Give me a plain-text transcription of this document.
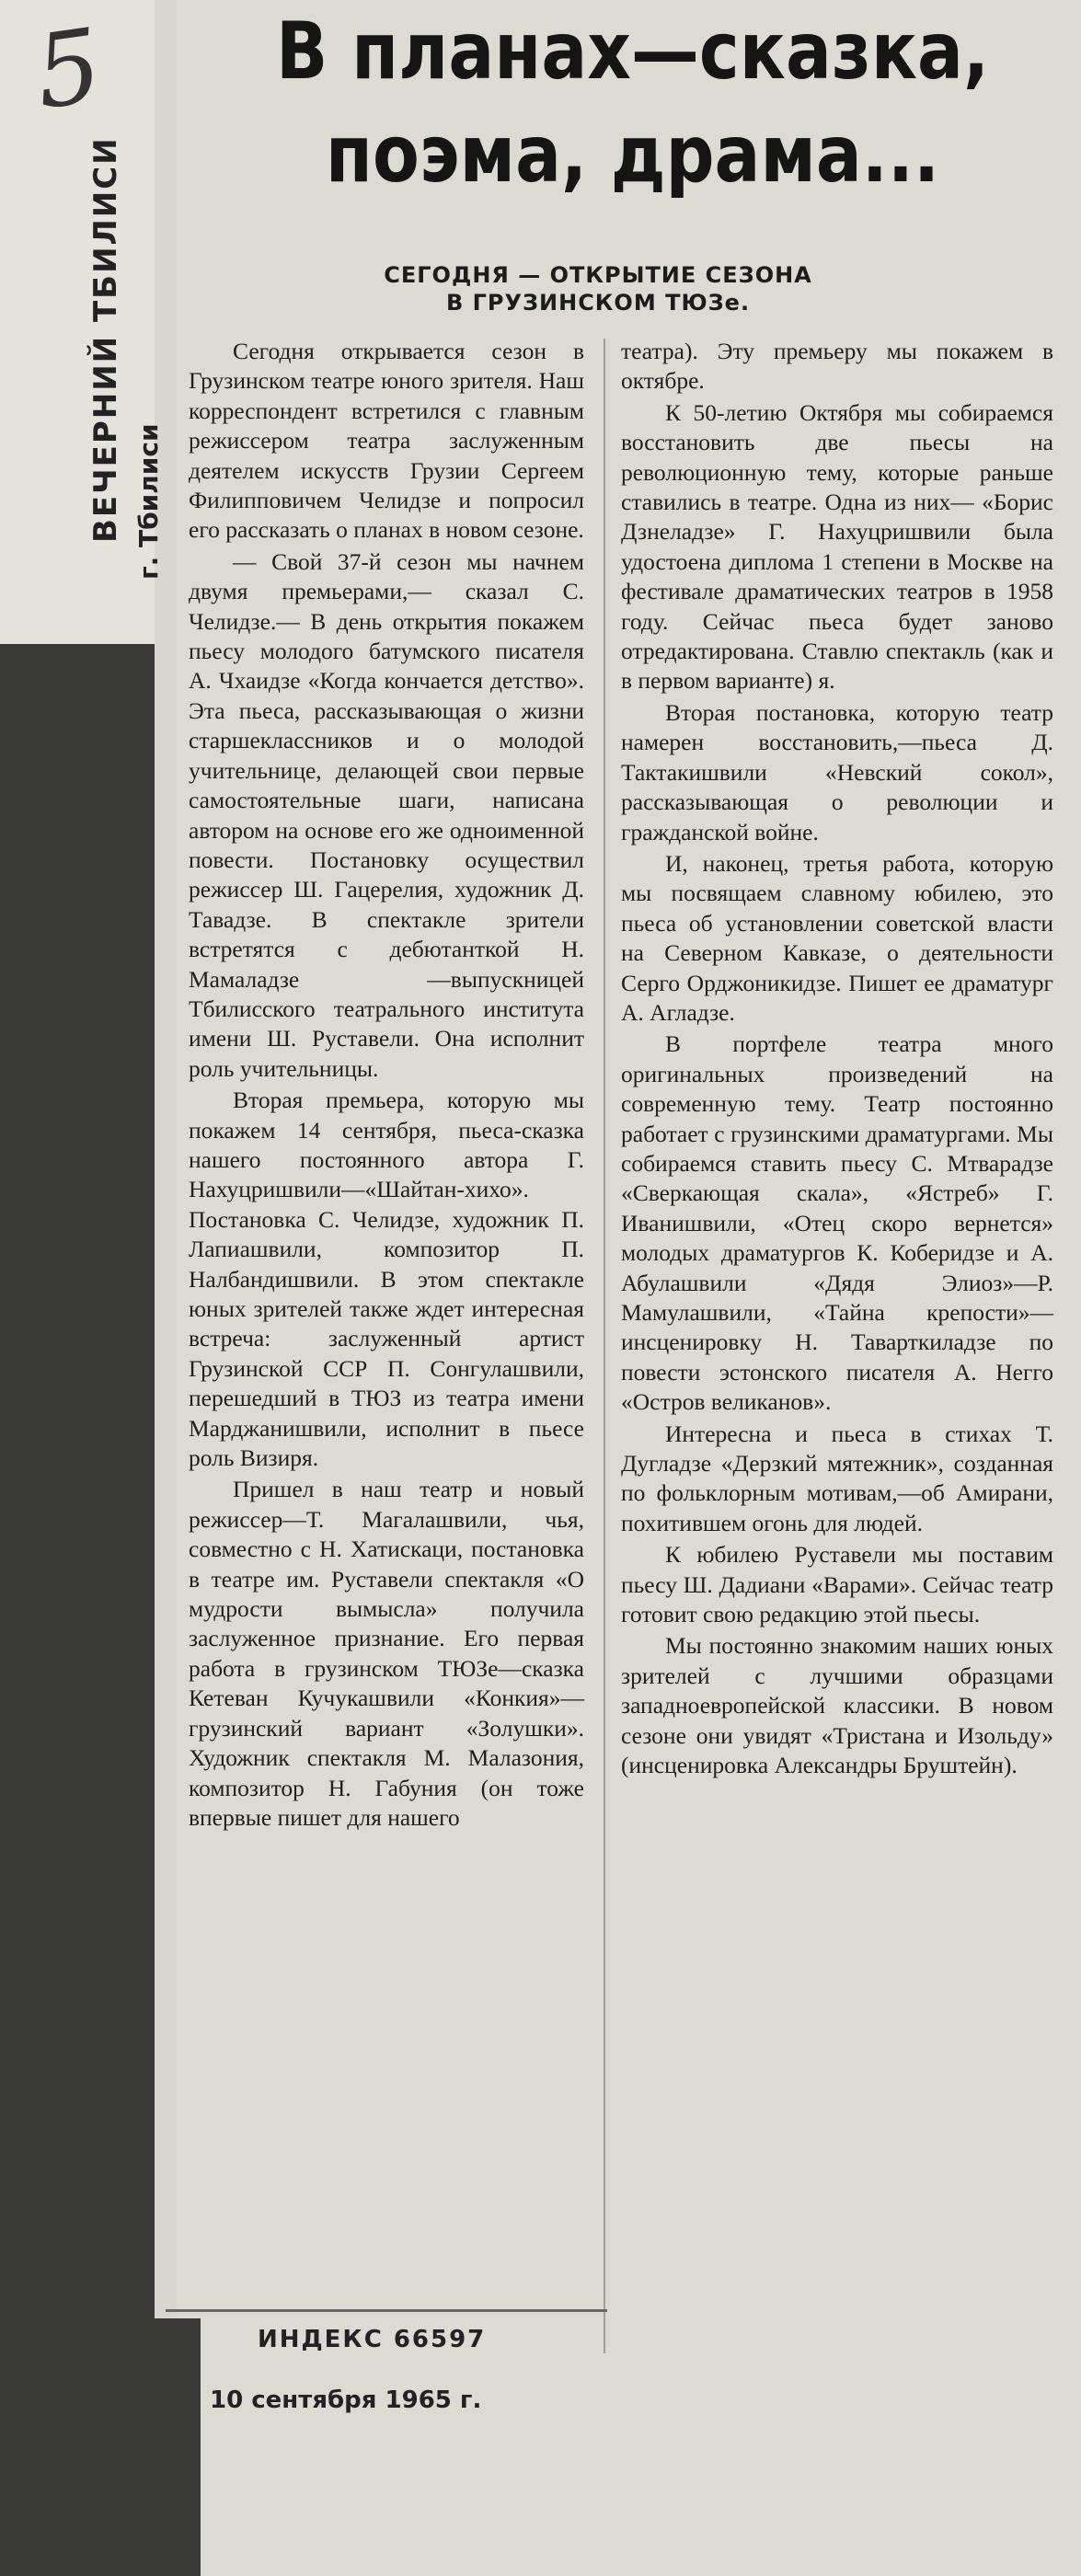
5
ВЕЧЕРНИЙ ТБИЛИСИ г. Тбилиси
В планах—сказка,
поэма, драма...
СЕГОДНЯ — ОТКРЫТИЕ СЕЗОНА
В ГРУЗИНСКОМ ТЮЗе.

Сегодня открывается сезон в Грузинском театре юного зрителя. Наш корреспондент встретился с главным режиссером театра заслуженным деятелем искусств Грузии Сергеем Филипповичем Челидзе и попросил его рассказать о планах в новом сезоне.

— Свой 37-й сезон мы начнем двумя премьерами,— сказал С. Челидзе.— В день открытия покажем пьесу молодого батумского писателя А. Чхаидзе «Когда кончается детство». Эта пьеса, рассказывающая о жизни старшеклассников и о молодой учительнице, делающей свои первые самостоятельные шаги, написана автором на основе его же одноименной повести. Постановку осуществил режиссер Ш. Гацерелия, художник Д. Тавадзе. В спектакле зрители встретятся с дебютанткой Н. Мамаладзе —выпускницей Тбилисского театрального института имени Ш. Руставели. Она исполнит роль учительницы.

Вторая премьера, которую мы покажем 14 сентября, пьеса-сказка нашего постоянного автора Г. Нахуцришвили—«Шайтан-хихо». Постановка С. Челидзе, художник П. Лапиашвили, композитор П. Налбандишвили. В этом спектакле юных зрителей также ждет интересная встреча: заслуженный артист Грузинской ССР П. Сонгулашвили, перешедший в ТЮЗ из театра имени Марджанишвили, исполнит в пьесе роль Визиря.

Пришел в наш театр и новый режиссер—Т. Магалашвили, чья, совместно с Н. Хатискаци, постановка в театре им. Руставели спектакля «О мудрости вымысла» получила заслуженное признание. Его первая работа в грузинском ТЮЗе—сказка Кетеван Кучукашвили «Конкия»—грузинский вариант «Золушки». Художник спектакля М. Малазония, композитор Н. Габуния (он тоже впервые пишет для нашего

театра). Эту премьеру мы покажем в октябре.

К 50-летию Октября мы собираемся восстановить две пьесы на революционную тему, которые раньше ставились в театре. Одна из них— «Борис Дзнеладзе» Г. Нахуцришвили была удостоена диплома 1 степени в Москве на фестивале драматических театров в 1958 году. Сейчас пьеса будет заново отредактирована. Ставлю спектакль (как и в первом варианте) я.

Вторая постановка, которую театр намерен восстановить,—пьеса Д. Тактакишвили «Невский сокол», рассказывающая о революции и гражданской войне.

И, наконец, третья работа, которую мы посвящаем славному юбилею, это пьеса об установлении советской власти на Северном Кавказе, о деятельности Серго Орджоникидзе. Пишет ее драматург А. Агладзе.

В портфеле театра много оригинальных произведений на современную тему. Театр постоянно работает с грузинскими драматургами. Мы собираемся ставить пьесу С. Мтварадзе «Сверкающая скала», «Ястреб» Г. Иванишвили, «Отец скоро вернется» молодых драматургов К. Коберидзе и А. Абулашвили «Дядя Элиоз»—Р. Мамулашвили, «Тайна крепости»— инсценировку Н. Таварткиладзе по повести эстонского писателя А. Негго «Остров великанов».

Интересна и пьеса в стихах Т. Дугладзе «Дерзкий мятежник», созданная по фольклорным мотивам,—об Амирани, похитившем огонь для людей.

К юбилею Руставели мы поставим пьесу Ш. Дадиани «Варами». Сейчас театр готовит свою редакцию этой пьесы.

Мы постоянно знакомим наших юных зрителей с лучшими образцами западноевропейской классики. В новом сезоне они увидят «Тристана и Изольду» (инсценировка Александры Бруштейн).

ИНДЕКС 66597
10 сентября 1965 г.
